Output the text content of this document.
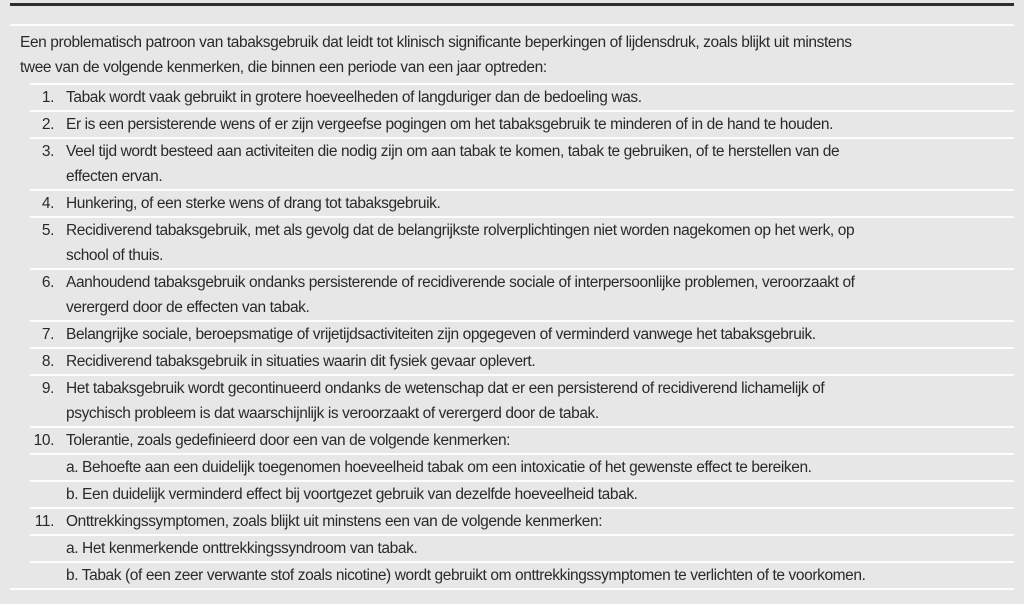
Een problematisch patroon van tabaksgebruik dat leidt tot klinisch significante beperkingen of lijdensdruk, zoals blijkt uit minstens
twee van de volgende kenmerken, die binnen een periode van een jaar optreden:
1. Tabak wordt vaak gebruikt in grotere hoeveelheden of langduriger dan de bedoeling was.
2. Er is een persisterende wens of er zijn vergeefse pogingen om het tabaksgebruik te minderen of in de hand te houden.
3. Veel tijd wordt besteed aan activiteiten die nodig zijn om aan tabak te komen, tabak te gebruiken, of te herstellen van de
effecten ervan.
4. Hunkering, of een sterke wens of drang tot tabaksgebruik.
5. Recidiverend tabaksgebruik, met als gevolg dat de belangrijkste rolverplichtingen niet worden nagekomen op het werk, op
school of thuis.
6. Aanhoudend tabaksgebruik ondanks persisterende of recidiverende sociale of interpersoonlijke problemen, veroorzaakt of
verergerd door de effecten van tabak.
7. Belangrijke sociale, beroepsmatige of vrijetijdsactiviteiten zijn opgegeven of verminderd vanwege het tabaksgebruik.
8. Recidiverend tabaksgebruik in situaties waarin dit fysiek gevaar oplevert.
9. Het tabaksgebruik wordt gecontinueerd ondanks de wetenschap dat er een persisterend of recidiverend lichamelijk of
psychisch probleem is dat waarschijnlijk is veroorzaakt of verergerd door de tabak.
10. Tolerantie, zoals gedefinieerd door een van de volgende kenmerken:
a. Behoefte aan een duidelijk toegenomen hoeveelheid tabak om een intoxicatie of het gewenste effect te bereiken.
b. Een duidelijk verminderd effect bij voortgezet gebruik van dezelfde hoeveelheid tabak.
11. Onttrekkingssymptomen, zoals blijkt uit minstens een van de volgende kenmerken:
a. Het kenmerkende onttrekkingssyndroom van tabak.
b. Tabak (of een zeer verwante stof zoals nicotine) wordt gebruikt om onttrekkingssymptomen te verlichten of te voorkomen.
